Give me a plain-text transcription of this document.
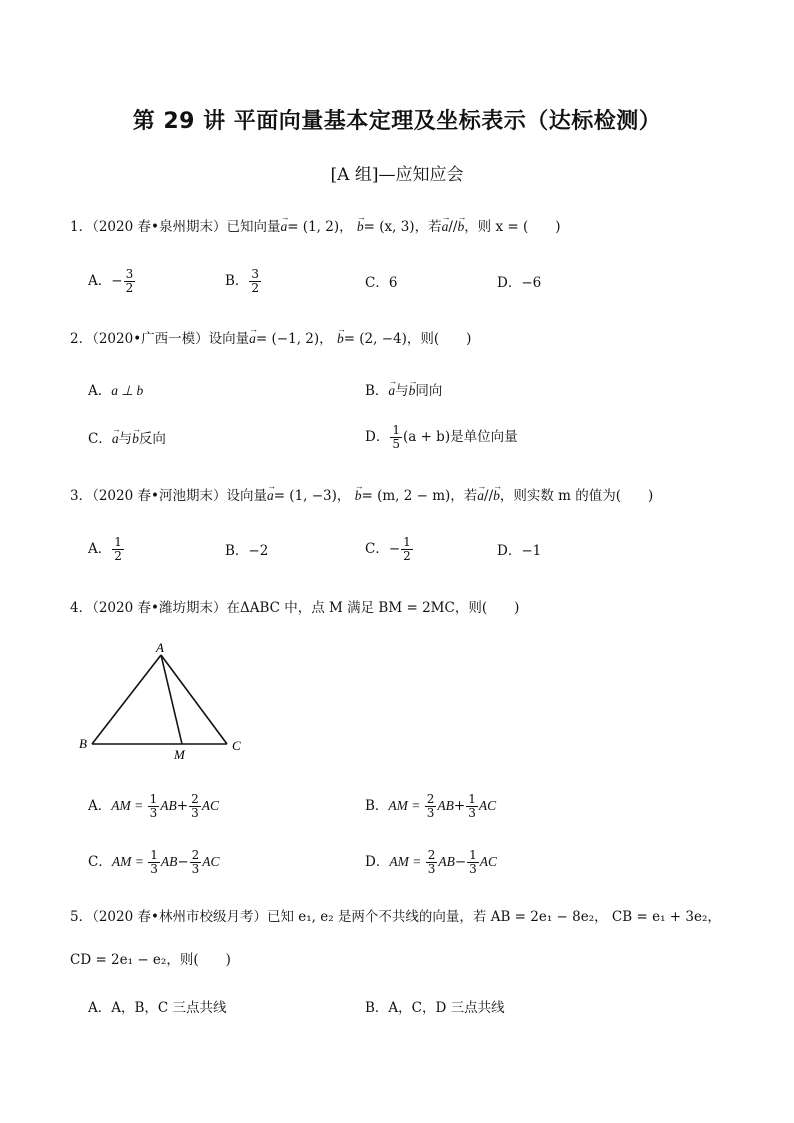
第 29 讲 平面向量基本定理及坐标表示（达标检测）
[A 组]—应知应会
1．（2020 春•泉州期末）已知向量→ a= (1, 2)， → b= (x, 3)，若→ a//→ b，则 x = (　　)
A．− $\frac{3}{2}$	B． $\frac{3}{2}$	C．6	D．−6
2．（2020•广西一模）设向量→ a= (−1, 2)， → b= (2, −4)，则(　　)
A．a ⊥ b	B．→ a与→ b同向
C．→ a与→ b反向	D． $\frac{1}{5} (a + b)$是单位向量
3．（2020 春•河池期末）设向量→ a= (1, −3)， → b= (m, 2 − m)，若→ a//→ b，则实数 m 的值为(　　)
A． $\frac{1}{2}$	B．−2	C．− $\frac{1}{2}$	D．−1
4．（2020 春•潍坊期末）在ΔABC 中，点 M 满足 BM = 2MC，则(　　)
A
B	C
M
A．AM = $\frac{1}{3} AB+ \frac{2}{3}$ AC	B．AM = $\frac{2}{3} AB+ \frac{1}{3}$ AC
C．AM = $\frac{1}{3} AB- \frac{2}{3}$ AC	D．AM = $\frac{2}{3} AB- \frac{1}{3}$ AC
5．（2020 春•林州市校级月考）已知 e₁, e₂ 是两个不共线的向量，若 AB = 2e₁ − 8e₂， CB = e₁ + 3e₂，
CD = 2e₁ − e₂，则(　　)
A．A，B，C 三点共线	B．A，C，D 三点共线
